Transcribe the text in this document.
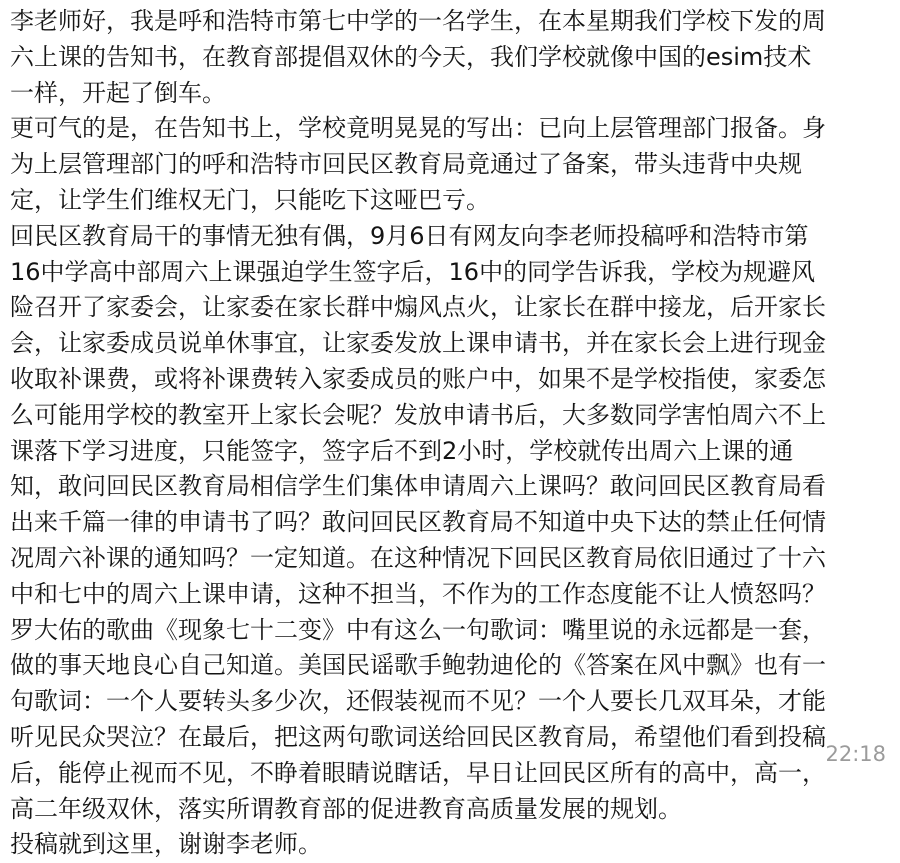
李老师好，我是呼和浩特市第七中学的一名学生，在本星期我们学校下发的周
六上课的告知书，在教育部提倡双休的今天，我们学校就像中国的esim技术
一样，开起了倒车。
更可气的是，在告知书上，学校竟明晃晃的写出：已向上层管理部门报备。身
为上层管理部门的呼和浩特市回民区教育局竟通过了备案，带头违背中央规
定，让学生们维权无门，只能吃下这哑巴亏。
回民区教育局干的事情无独有偶，9月6日有网友向李老师投稿呼和浩特市第
16中学高中部周六上课强迫学生签字后，16中的同学告诉我，学校为规避风
险召开了家委会，让家委在家长群中煽风点火，让家长在群中接龙，后开家长
会，让家委成员说单休事宜，让家委发放上课申请书，并在家长会上进行现金
收取补课费，或将补课费转入家委成员的账户中，如果不是学校指使，家委怎
么可能用学校的教室开上家长会呢？发放申请书后，大多数同学害怕周六不上
课落下学习进度，只能签字，签字后不到2小时，学校就传出周六上课的通
知，敢问回民区教育局相信学生们集体申请周六上课吗？敢问回民区教育局看
出来千篇一律的申请书了吗？敢问回民区教育局不知道中央下达的禁止任何情
况周六补课的通知吗？一定知道。在这种情况下回民区教育局依旧通过了十六
中和七中的周六上课申请，这种不担当，不作为的工作态度能不让人愤怒吗？
罗大佑的歌曲《现象七十二变》中有这么一句歌词：嘴里说的永远都是一套，
做的事天地良心自己知道。美国民谣歌手鲍勃迪伦的《答案在风中飘》也有一
句歌词：一个人要转头多少次，还假装视而不见？一个人要长几双耳朵，才能
听见民众哭泣？在最后，把这两句歌词送给回民区教育局，希望他们看到投稿
后，能停止视而不见，不睁着眼睛说瞎话，早日让回民区所有的高中，高一，
高二年级双休，落实所谓教育部的促进教育高质量发展的规划。
投稿就到这里，谢谢李老师。
22:18
